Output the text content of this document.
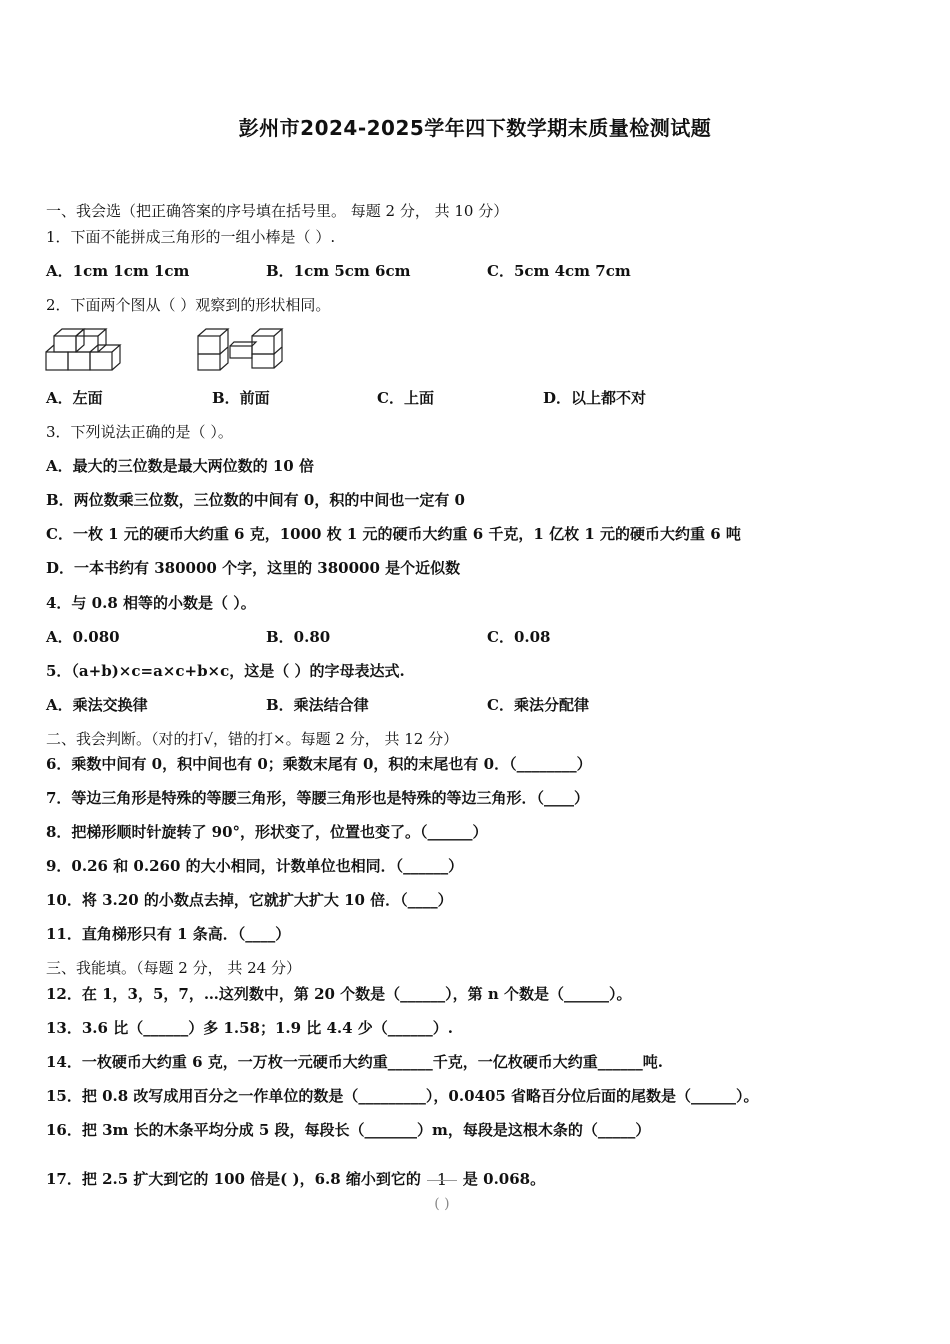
彭州市2024-2025学年四下数学期末质量检测试题
一、我会选（把正确答案的序号填在括号里。 每题 2 分， 共 10 分）
1．下面不能拼成三角形的一组小棒是（ ）.
A．1cm 1cm 1cm	B．1cm 5cm 6cm	C．5cm 4cm 7cm
2．下面两个图从（ ）观察到的形状相同。
A．左面	B．前面	C．上面	D．以上都不对
3．下列说法正确的是（ ）。
A．最大的三位数是最大两位数的 10 倍
B．两位数乘三位数，三位数的中间有 0，积的中间也一定有 0
C．一枚 1 元的硬币大约重 6 克，1000 枚 1 元的硬币大约重 6 千克，1 亿枚 1 元的硬币大约重 6 吨
D．一本书约有 380000 个字，这里的 380000 是个近似数
4．与 0.8 相等的小数是（ ）。
A．0.080	B．0.80	C．0.08
5．（a+b)×c=a×c+b×c，这是（ ）的字母表达式.
A．乘法交换律	B．乘法结合律	C．乘法分配律
二、我会判断。（对的打√，错的打×。每题 2 分， 共 12 分）
6．乘数中间有 0，积中间也有 0；乘数末尾有 0，积的末尾也有 0．（________）
7．等边三角形是特殊的等腰三角形，等腰三角形也是特殊的等边三角形．（____）
8．把梯形顺时针旋转了 90°，形状变了，位置也变了。（______）
9．0.26 和 0.260 的大小相同，计数单位也相同．（______）
10．将 3.20 的小数点去掉，它就扩大扩大 10 倍．（____）
11．直角梯形只有 1 条高．（____）
三、我能填。（每题 2 分， 共 24 分）
12．在 1，3，5，7，…这列数中，第 20 个数是（______），第 n 个数是（______）。
13．3.6 比（______）多 1.58；1.9 比 4.4 少（______）.
14．一枚硬币大约重 6 克，一万枚一元硬币大约重______千克，一亿枚硬币大约重______吨.
15．把 0.8 改写成用百分之一作单位的数是（_________），0.0405 省略百分位后面的尾数是（______）。
16．把 3m 长的木条平均分成 5 段，每段长（_______）m，每段是这根木条的（_____）
17．把 2.5 扩大到它的 100 倍是( )，6.8 缩小到它的 1
( )
是 0.068。
